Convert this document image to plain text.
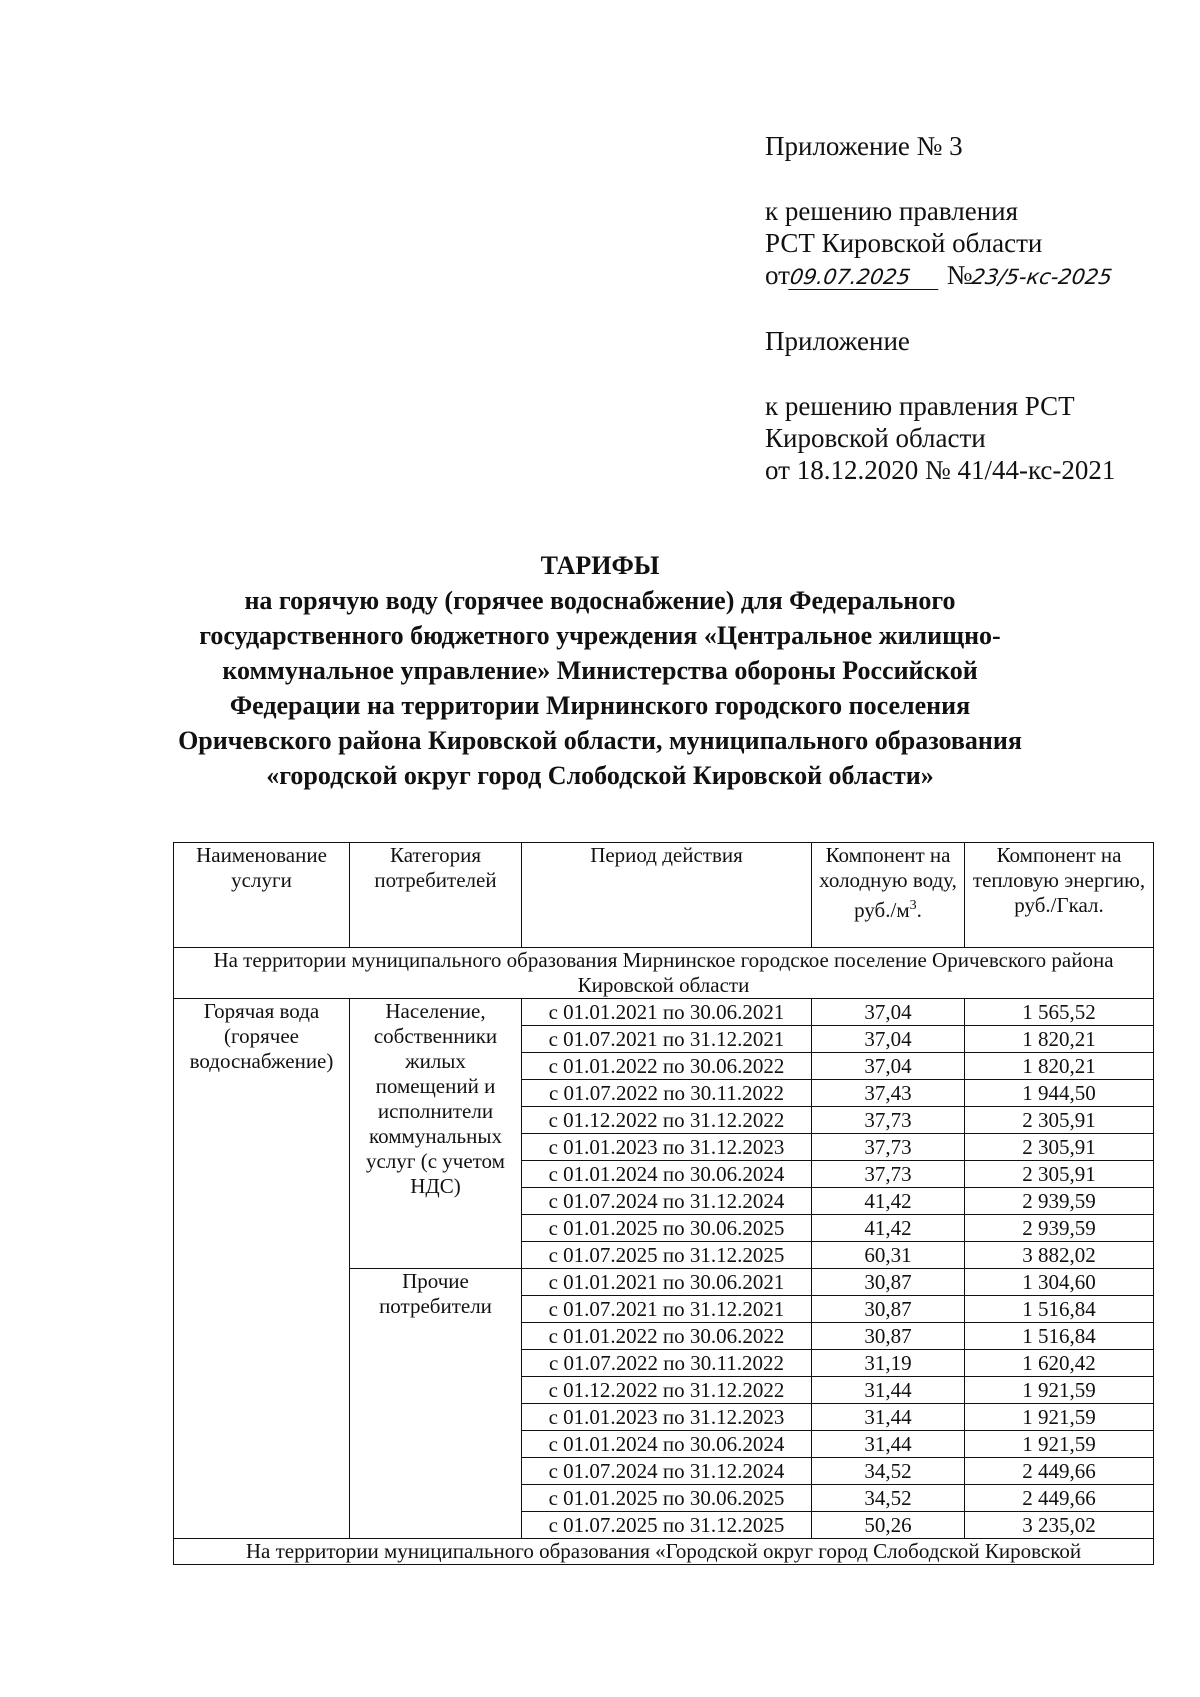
Приложение № 3
к решению правления
РСТ Кировской области
от09.07.2025 №23/5-кс-2025
Приложение
к решению правления РСТ
Кировской области
от 18.12.2020 № 41/44-кс-2021
ТАРИФЫ
на горячую воду (горячее водоснабжение) для Федерального
государственного бюджетного учреждения «Центральное жилищно-
коммунальное управление» Министерства обороны Российской
Федерации на территории Мирнинского городского поселения
Оричевского района Кировской области, муниципального образования
«городской округ город Слободской Кировской области»
Наименование услуги	Категория потребителей	Период действия	Компонент на холодную воду, $руб./м^3$.	Компонент на тепловую энергию, руб./Гкал.
На территории муниципального образования Мирнинское городское поселение Оричевского района Кировской области				
Горячая вода (горячее водоснабжение)	Население, собственники жилых помещений и исполнители коммунальных услуг (с учетом НДС)	с 01.01.2021 по 30.06.2021	37,04	1 565,52
		с 01.07.2021 по 31.12.2021	37,04	1 820,21
		с 01.01.2022 по 30.06.2022	37,04	1 820,21
		с 01.07.2022 по 30.11.2022	37,43	1 944,50
		с 01.12.2022 по 31.12.2022	37,73	2 305,91
		с 01.01.2023 по 31.12.2023	37,73	2 305,91
		с 01.01.2024 по 30.06.2024	37,73	2 305,91
		с 01.07.2024 по 31.12.2024	41,42	2 939,59
		с 01.01.2025 по 30.06.2025	41,42	2 939,59
		с 01.07.2025 по 31.12.2025	60,31	3 882,02
	Прочие потребители	с 01.01.2021 по 30.06.2021	30,87	1 304,60
		с 01.07.2021 по 31.12.2021	30,87	1 516,84
		с 01.01.2022 по 30.06.2022	30,87	1 516,84
		с 01.07.2022 по 30.11.2022	31,19	1 620,42
		с 01.12.2022 по 31.12.2022	31,44	1 921,59
		с 01.01.2023 по 31.12.2023	31,44	1 921,59
		с 01.01.2024 по 30.06.2024	31,44	1 921,59
		с 01.07.2024 по 31.12.2024	34,52	2 449,66
		с 01.01.2025 по 30.06.2025	34,52	2 449,66
		с 01.07.2025 по 31.12.2025	50,26	3 235,02
На территории муниципального образования «Городской округ город Слободской Кировской				
